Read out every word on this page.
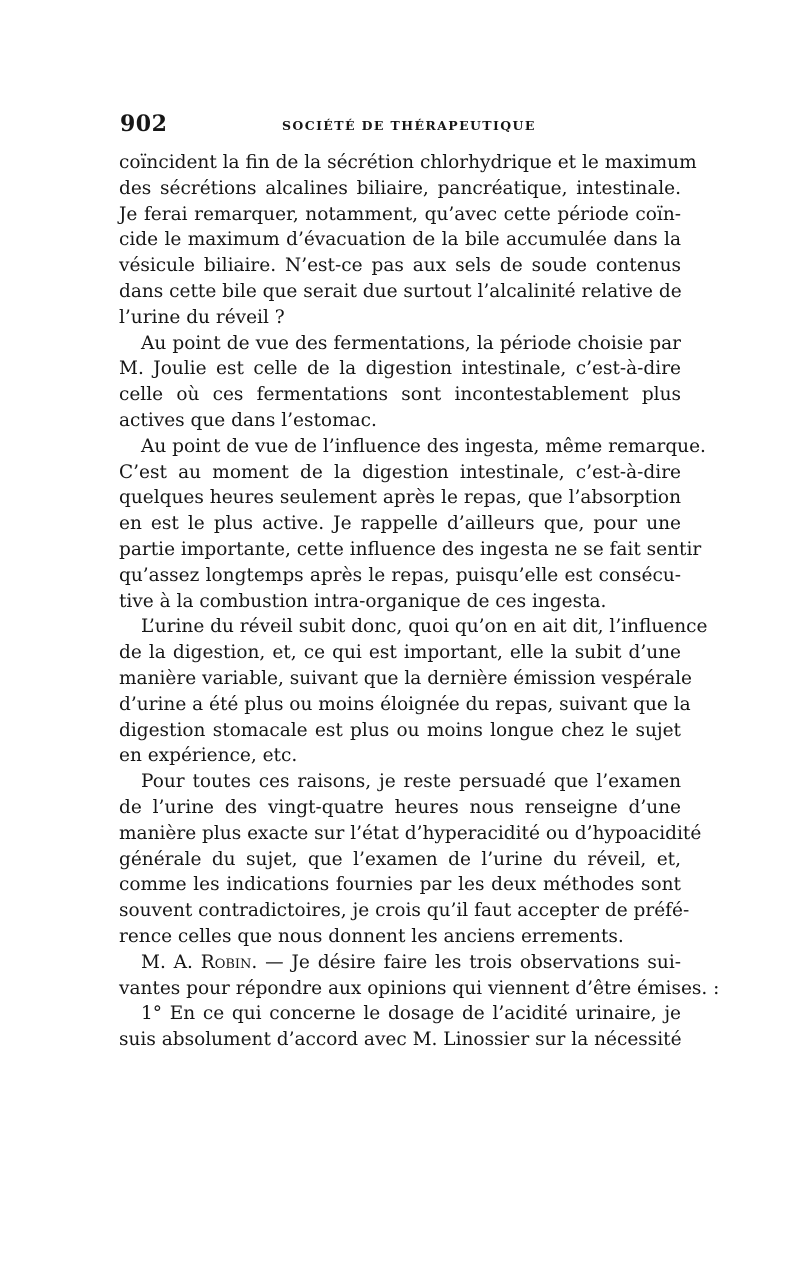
902	SOCIÉTÉ DE THÉRAPEUTIQUE
coïncident la fin de la sécrétion chlorhydrique et le maximum
des sécrétions alcalines biliaire, pancréatique, intestinale.
Je ferai remarquer, notamment, qu’avec cette période coïn-
cide le maximum d’évacuation de la bile accumulée dans la
vésicule biliaire. N’est-ce pas aux sels de soude contenus
dans cette bile que serait due surtout l’alcalinité relative de
l’urine du réveil ?
Au point de vue des fermentations, la période choisie par
M. Joulie est celle de la digestion intestinale, c’est-à-dire
celle où ces fermentations sont incontestablement plus
actives que dans l’estomac.
Au point de vue de l’influence des ingesta, même remarque.
C’est au moment de la digestion intestinale, c’est-à-dire
quelques heures seulement après le repas, que l’absorption
en est le plus active. Je rappelle d’ailleurs que, pour une
partie importante, cette influence des ingesta ne se fait sentir
qu’assez longtemps après le repas, puisqu’elle est consécu-
tive à la combustion intra-organique de ces ingesta.
L’urine du réveil subit donc, quoi qu’on en ait dit, l’influence
de la digestion, et, ce qui est important, elle la subit d’une
manière variable, suivant que la dernière émission vespérale
d’urine a été plus ou moins éloignée du repas, suivant que la
digestion stomacale est plus ou moins longue chez le sujet
en expérience, etc.
Pour toutes ces raisons, je reste persuadé que l’examen
de l’urine des vingt-quatre heures nous renseigne d’une
manière plus exacte sur l’état d’hyperacidité ou d’hypoacidité
générale du sujet, que l’examen de l’urine du réveil, et,
comme les indications fournies par les deux méthodes sont
souvent contradictoires, je crois qu’il faut accepter de préfé-
rence celles que nous donnent les anciens errements.
M. A. Robin. — Je désire faire les trois observations sui-
vantes pour répondre aux opinions qui viennent d’être émises. :
1° En ce qui concerne le dosage de l’acidité urinaire, je
suis absolument d’accord avec M. Linossier sur la nécessité
